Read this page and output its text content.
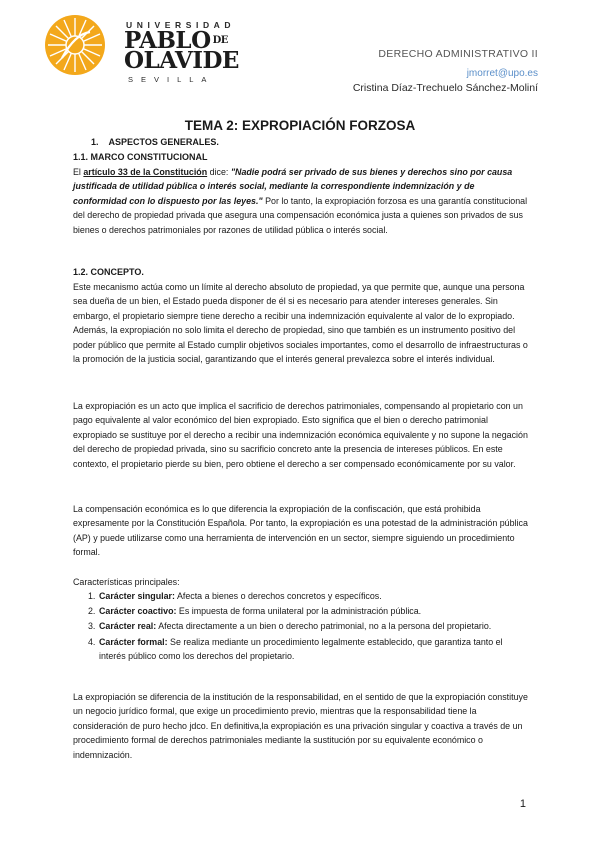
UNIVERSIDAD
PABLO $^{DE}$
OLAVIDE
SEVILLA
DERECHO ADMINISTRATIVO II
jmorret@upo.es
Cristina Díaz-Trechuelo Sánchez-Moliní
TEMA 2: EXPROPIACIÓN FORZOSA
1. ASPECTOS GENERALES.
1.1. MARCO CONSTITUCIONAL
El artículo 33 de la Constitución dice: "Nadie podrá ser privado de sus bienes y derechos sino por causa justificada de utilidad pública o interés social, mediante la correspondiente indemnización y de conformidad con lo dispuesto por las leyes." Por lo tanto, la expropiación forzosa es una garantía constitucional del derecho de propiedad privada que asegura una compensación económica justa a quienes son privados de sus bienes o derechos patrimoniales por razones de utilidad pública o interés social.
1.2. CONCEPTO.
Este mecanismo actúa como un límite al derecho absoluto de propiedad, ya que permite que, aunque una persona sea dueña de un bien, el Estado pueda disponer de él si es necesario para atender intereses generales. Sin embargo, el propietario siempre tiene derecho a recibir una indemnización equivalente al valor de lo expropiado. Además, la expropiación no solo limita el derecho de propiedad, sino que también es un instrumento positivo del poder público que permite al Estado cumplir objetivos sociales importantes, como el desarrollo de infraestructuras o la promoción de la justicia social, garantizando que el interés general prevalezca sobre el interés individual.
La expropiación es un acto que implica el sacrificio de derechos patrimoniales, compensando al propietario con un pago equivalente al valor económico del bien expropiado. Esto significa que el bien o derecho patrimonial expropiado se sustituye por el derecho a recibir una indemnización económica equivalente y no supone la negación del derecho de propiedad privada, sino su sacrificio concreto ante la presencia de intereses públicos. En este contexto, el propietario pierde su bien, pero obtiene el derecho a ser compensado económicamente por su valor.
La compensación económica es lo que diferencia la expropiación de la confiscación, que está prohibida expresamente por la Constitución Española. Por tanto, la expropiación es una potestad de la administración pública (AP) y puede utilizarse como una herramienta de intervención en un sector, siempre siguiendo un procedimiento formal.
Características principales:
1. Carácter singular: Afecta a bienes o derechos concretos y específicos.
2. Carácter coactivo: Es impuesta de forma unilateral por la administración pública.
3. Carácter real: Afecta directamente a un bien o derecho patrimonial, no a la persona del propietario.
4. Carácter formal: Se realiza mediante un procedimiento legalmente establecido, que garantiza tanto el interés público como los derechos del propietario.
La expropiación se diferencia de la institución de la responsabilidad, en el sentido de que la expropiación constituye un negocio jurídico formal, que exige un procedimiento previo, mientras que la responsabilidad tiene la consideración de puro hecho jdco. En definitiva,la expropiación es una privación singular y coactiva a través de un procedimiento formal de derechos patrimoniales mediante la sustitución por su equivalente económico o indemnización.
1
